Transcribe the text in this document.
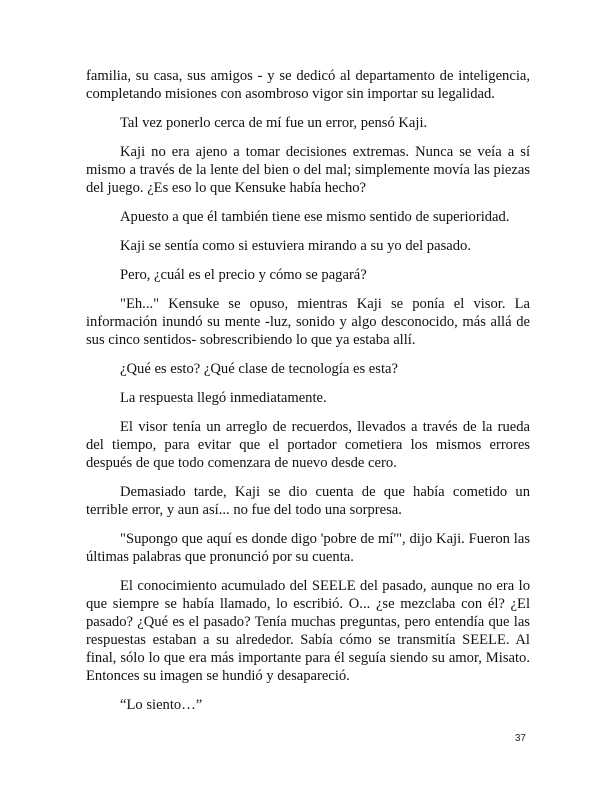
familia, su casa, sus amigos - y se dedicó al departamento de inteligencia, completando misiones con asombroso vigor sin importar su legalidad.

Tal vez ponerlo cerca de mí fue un error, pensó Kaji.

Kaji no era ajeno a tomar decisiones extremas. Nunca se veía a sí mismo a través de la lente del bien o del mal; simplemente movía las piezas del juego. ¿Es eso lo que Kensuke había hecho?

Apuesto a que él también tiene ese mismo sentido de superioridad.

Kaji se sentía como si estuviera mirando a su yo del pasado.

Pero, ¿cuál es el precio y cómo se pagará?

"Eh..." Kensuke se opuso, mientras Kaji se ponía el visor. La información inundó su mente -luz, sonido y algo desconocido, más allá de sus cinco sentidos- sobrescribiendo lo que ya estaba allí.

¿Qué es esto? ¿Qué clase de tecnología es esta?

La respuesta llegó inmediatamente.

El visor tenía un arreglo de recuerdos, llevados a través de la rueda del tiempo, para evitar que el portador cometiera los mismos errores después de que todo comenzara de nuevo desde cero.

Demasiado tarde, Kaji se dio cuenta de que había cometido un terrible error, y aun así... no fue del todo una sorpresa.

"Supongo que aquí es donde digo 'pobre de mí'", dijo Kaji. Fueron las últimas palabras que pronunció por su cuenta.

El conocimiento acumulado del SEELE del pasado, aunque no era lo que siempre se había llamado, lo escribió. O... ¿se mezclaba con él? ¿El pasado? ¿Qué es el pasado? Tenía muchas preguntas, pero entendía que las respuestas estaban a su alrededor. Sabía cómo se transmitía SEELE. Al final, sólo lo que era más importante para él seguía siendo su amor, Misato. Entonces su imagen se hundió y desapareció.

“Lo siento…”

37
